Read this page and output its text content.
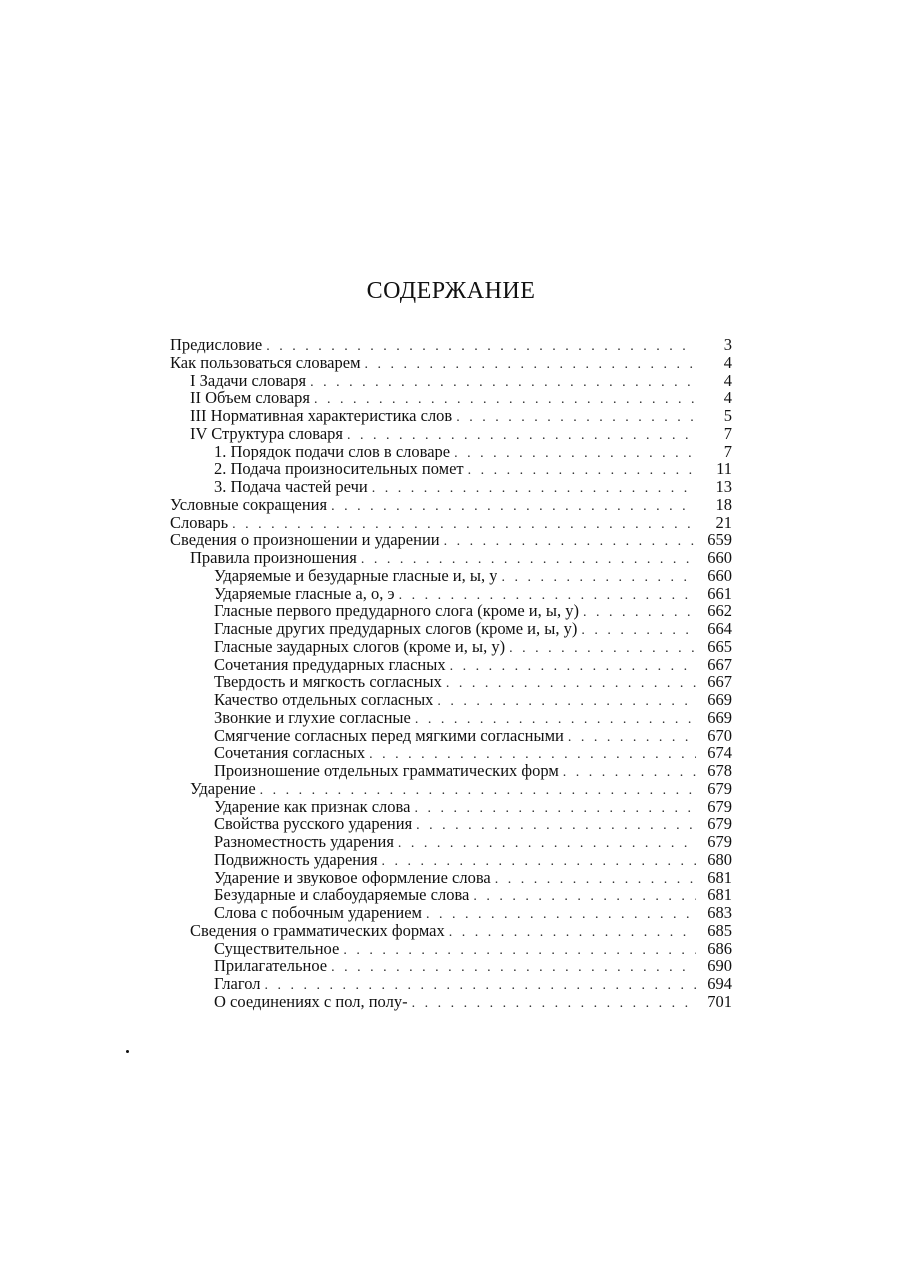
СОДЕРЖАНИЕ
Предисловие . . .	3
Как пользоваться словарем . . .	4
I Задачи словаря . . .	4
II Объем словаря . . .	4
III Нормативная характеристика слов . . .	5
IV Структура словаря . . .	7
1. Порядок подачи слов в словаре . . .	7
2. Подача произносительных помет . . .	11
3. Подача частей речи . . .	13
Условные сокращения . . .	18
Словарь . . .	21
Сведения о произношении и ударении . . .	659
Правила произношения . . .	660
Ударяемые и безударные гласные и, ы, у . . .	660
Ударяемые гласные а, о, э . . .	661
Гласные первого предударного слога (кроме и, ы, у) . . .	662
Гласные других предударных слогов (кроме и, ы, у) . . .	664
Гласные заударных слогов (кроме и, ы, у) . . .	665
Сочетания предударных гласных . . .	667
Твердость и мягкость согласных . . .	667
Качество отдельных согласных . . .	669
Звонкие и глухие согласные . . .	669
Смягчение согласных перед мягкими согласными . . .	670
Сочетания согласных . . .	674
Произношение отдельных грамматических форм . . .	678
Ударение . . .	679
Ударение как признак слова . . .	679
Свойства русского ударения . . .	679
Разноместность ударения . . .	679
Подвижность ударения . . .	680
Ударение и звуковое оформление слова . . .	681
Безударные и слабоударяемые слова . . .	681
Слова с побочным ударением . . .	683
Сведения о грамматических формах . . .	685
Существительное . . .	686
Прилагательное . . .	690
Глагол . . .	694
О соединениях с пол, полу- . . .	701
